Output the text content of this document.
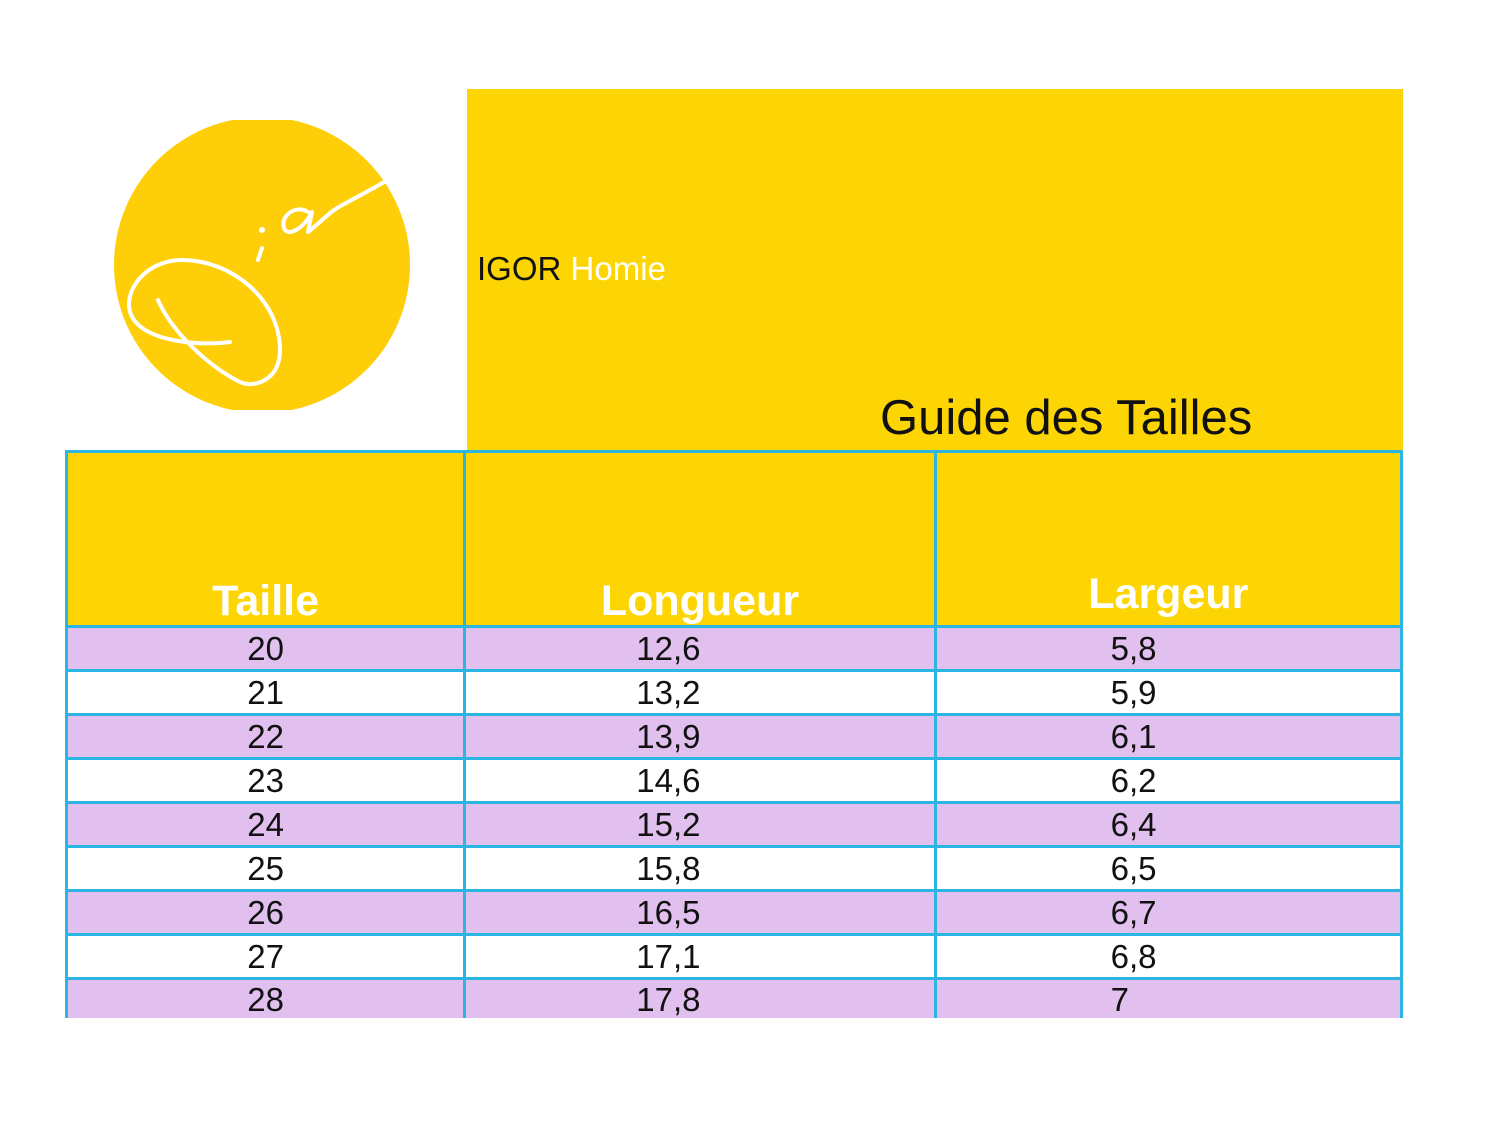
IGOR Homie
Guide des Tailles
Taille	Longueur	Largeur
20	12,6	5,8
21	13,2	5,9
22	13,9	6,1
23	14,6	6,2
24	15,2	6,4
25	15,8	6,5
26	16,5	6,7
27	17,1	6,8
28	17,8	7
